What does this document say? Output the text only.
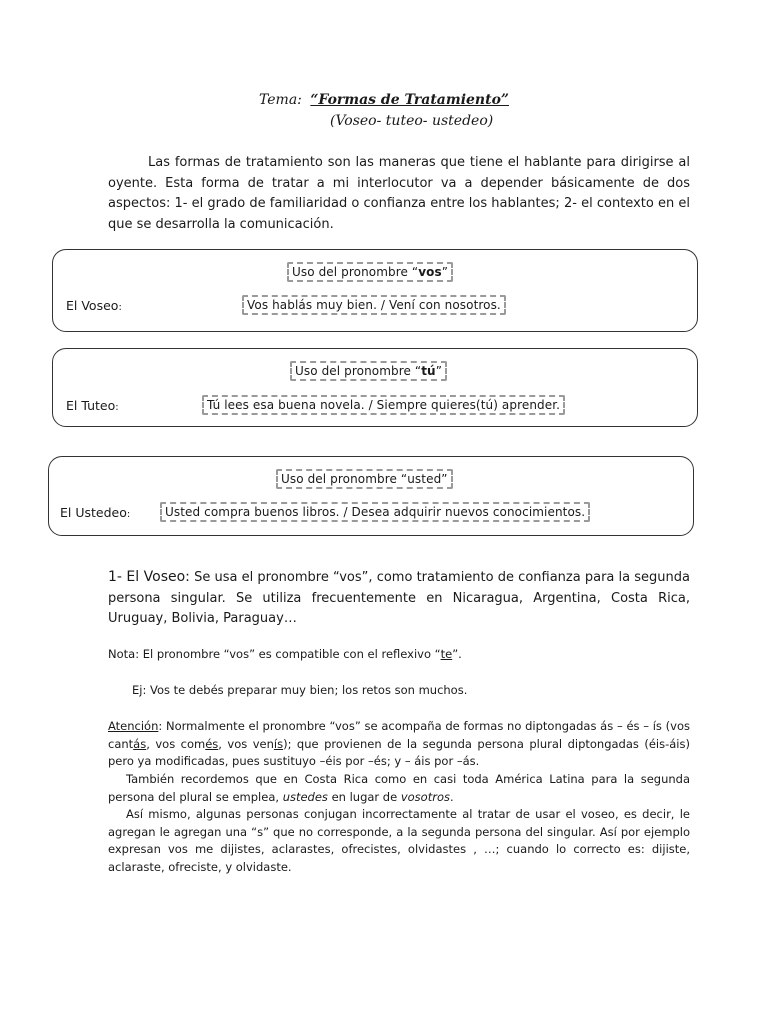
Tema: “Formas de Tratamiento”
(Voseo- tuteo- ustedeo)

Las formas de tratamiento son las maneras que tiene el hablante para dirigirse al oyente. Esta forma de tratar a mi interlocutor va a depender básicamente de dos aspectos: 1- el grado de familiaridad o confianza entre los hablantes; 2- el contexto en el que se desarrolla la comunicación.

Uso del pronombre “vos”
El Voseo:	Vos hablás muy bien. / Vení con nosotros.
Uso del pronombre “tú”
El Tuteo:	Tú lees esa buena novela. / Siempre quieres(tú) aprender.
Uso del pronombre “usted”
El Ustedeo:	Usted compra buenos libros. / Desea adquirir nuevos conocimientos.

1- El Voseo: Se usa el pronombre “vos”, como tratamiento de confianza para la segunda persona singular. Se utiliza frecuentemente en Nicaragua, Argentina, Costa Rica, Uruguay, Bolivia, Paraguay…

Nota: El pronombre “vos” es compatible con el reflexivo “te”.

Ej: Vos te debés preparar muy bien; los retos son muchos.

Atención: Normalmente el pronombre “vos” se acompaña de formas no diptongadas ás – és – ís (vos cantás, vos comés, vos venís); que provienen de la segunda persona plural diptongadas (éis-áis) pero ya modificadas, pues sustituyo –éis por –és; y – áis por –ás.

También recordemos que en Costa Rica como en casi toda América Latina para la segunda persona del plural se emplea, ustedes en lugar de vosotros.

Así mismo, algunas personas conjugan incorrectamente al tratar de usar el voseo, es decir, le agregan le agregan una “s” que no corresponde, a la segunda persona del singular. Así por ejemplo expresan vos me dijistes, aclarastes, ofrecistes, olvidastes , …; cuando lo correcto es: dijiste, aclaraste, ofreciste, y olvidaste.
